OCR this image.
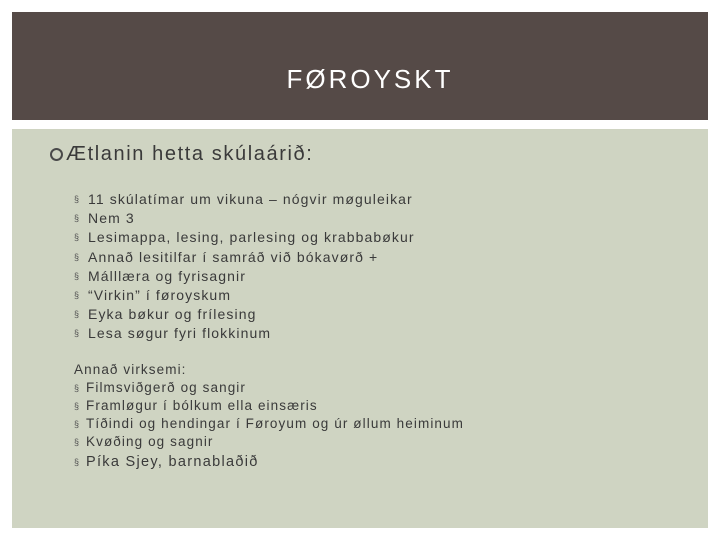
FØROYSKT
Ætlanin hetta skúlaárið:
§ 11 skúlatímar um vikuna – nógvir møguleikar
§ Nem 3
§ Lesimappa, lesing, parlesing og krabbabøkur
§ Annað lesitilfar í samráð við bókavørð +
§ Málllæra og fyrisagnir
§ “Virkin” í føroyskum
§ Eyka bøkur og frílesing
§ Lesa søgur fyri flokkinum
Annað virksemi:
§ Filmsviðgerð og sangir
§ Framløgur í bólkum ella einsæris
§ Tíðindi og hendingar í Føroyum og úr øllum heiminum
§ Kvøðing og sagnir
§ Píka Sjey, barnablaðið
